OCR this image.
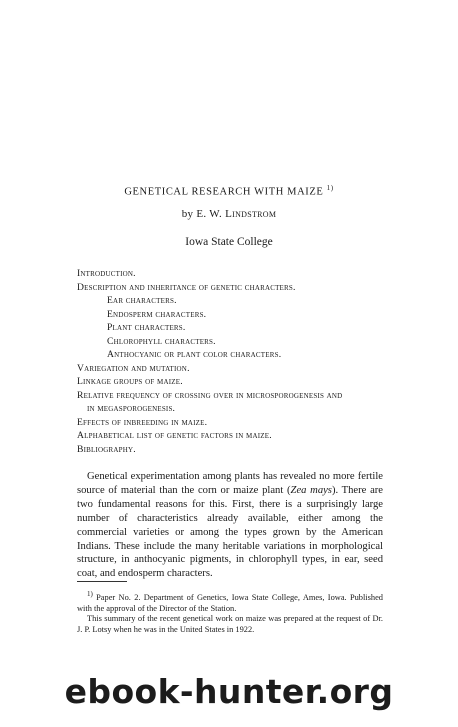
GENETICAL RESEARCH WITH MAIZE $^{1)}$
by E. W. Lindstrom
Iowa State College
Introduction.
Description and inheritance of genetic characters.
Ear characters.
Endosperm characters.
Plant characters.
Chlorophyll characters.
Anthocyanic or plant color characters.
Variegation and mutation.
Linkage groups of maize.
Relative frequency of crossing over in microsporogenesis and
in megasporogenesis.
Effects of inbreeding in maize.
Alphabetical list of genetic factors in maize.
Bibliography.
Genetical experimentation among plants has revealed no more fertile source of material than the corn or maize plant (Zea mays). There are two fundamental reasons for this. First, there is a surprisingly large number of characteristics already available, either among the commercial varieties or among the types grown by the American Indians. These include the many heritable variations in morphological structure, in anthocyanic pigments, in chlorophyll types, in ear, seed coat, and endosperm characters.
$^{1)}$ Paper No. 2. Department of Genetics, Iowa State College, Ames, Iowa. Published with the approval of the Director of the Station.
This summary of the recent genetical work on maize was prepared at the request of Dr. J. P. Lotsy when he was in the United States in 1922.
ebook-hunter.org
